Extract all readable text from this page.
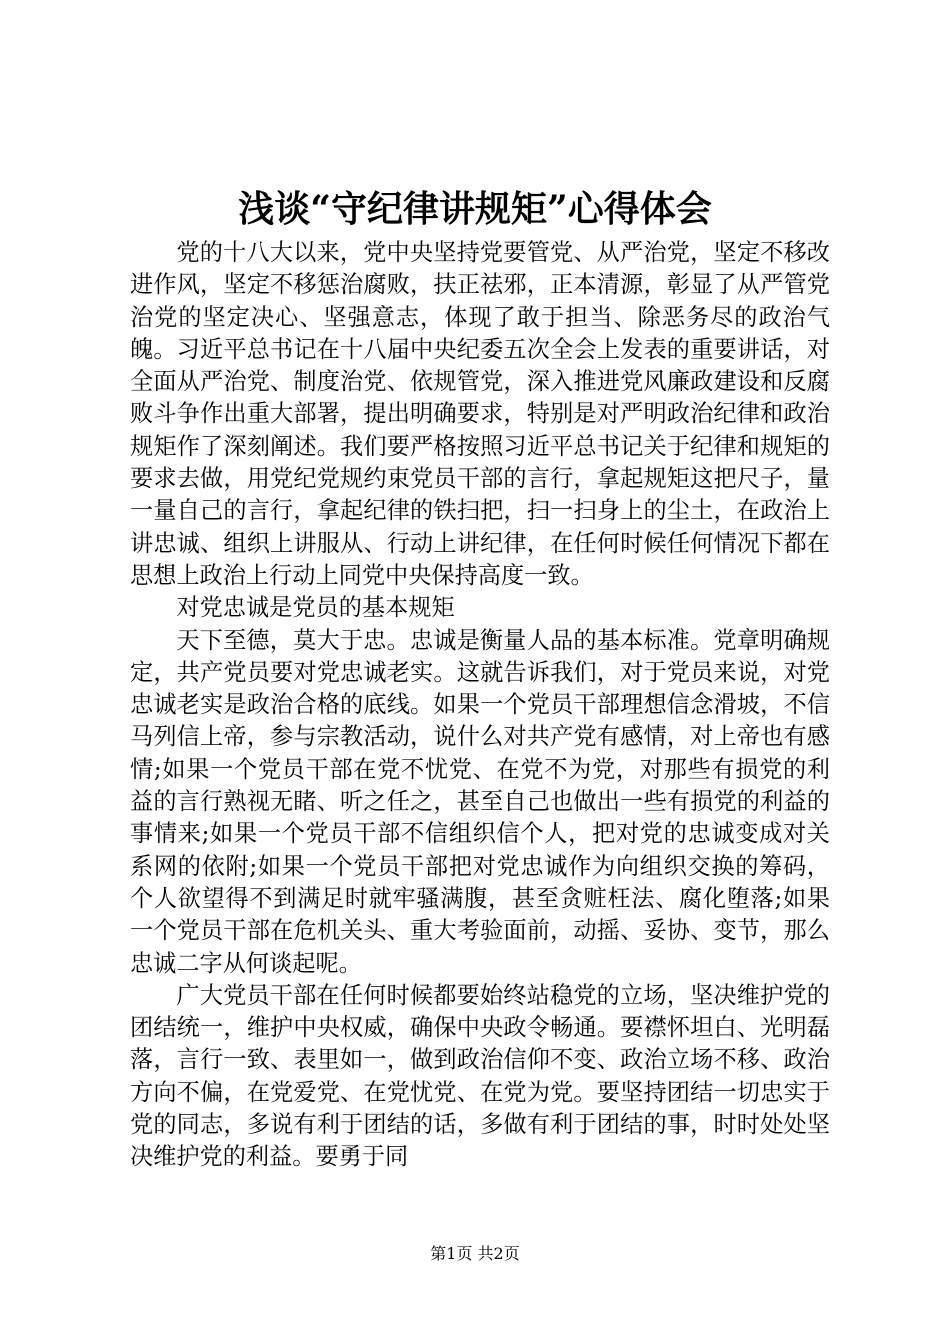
浅谈“守纪律讲规矩”心得体会

党的十八大以来，党中央坚持党要管党、从严治党，坚定不移改进作风，坚定不移惩治腐败，扶正祛邪，正本清源，彰显了从严管党治党的坚定决心、坚强意志，体现了敢于担当、除恶务尽的政治气魄。习近平总书记在十八届中央纪委五次全会上发表的重要讲话，对全面从严治党、制度治党、依规管党，深入推进党风廉政建设和反腐败斗争作出重大部署，提出明确要求，特别是对严明政治纪律和政治规矩作了深刻阐述。我们要严格按照习近平总书记关于纪律和规矩的要求去做，用党纪党规约束党员干部的言行，拿起规矩这把尺子，量一量自己的言行，拿起纪律的铁扫把，扫一扫身上的尘土，在政治上讲忠诚、组织上讲服从、行动上讲纪律，在任何时候任何情况下都在思想上政治上行动上同党中央保持高度一致。

对党忠诚是党员的基本规矩

天下至德，莫大于忠。忠诚是衡量人品的基本标准。党章明确规定，共产党员要对党忠诚老实。这就告诉我们，对于党员来说，对党忠诚老实是政治合格的底线。如果一个党员干部理想信念滑坡，不信马列信上帝，参与宗教活动，说什么对共产党有感情，对上帝也有感情;如果一个党员干部在党不忧党、在党不为党，对那些有损党的利益的言行熟视无睹、听之任之，甚至自己也做出一些有损党的利益的事情来;如果一个党员干部不信组织信个人，把对党的忠诚变成对关系网的依附;如果一个党员干部把对党忠诚作为向组织交换的筹码，个人欲望得不到满足时就牢骚满腹，甚至贪赃枉法、腐化堕落;如果一个党员干部在危机关头、重大考验面前，动摇、妥协、变节，那么忠诚二字从何谈起呢。

广大党员干部在任何时候都要始终站稳党的立场，坚决维护党的团结统一，维护中央权威，确保中央政令畅通。要襟怀坦白、光明磊落，言行一致、表里如一，做到政治信仰不变、政治立场不移、政治方向不偏，在党爱党、在党忧党、在党为党。要坚持团结一切忠实于党的同志，多说有利于团结的话，多做有利于团结的事，时时处处坚决维护党的利益。要勇于同

第1页 共2页
